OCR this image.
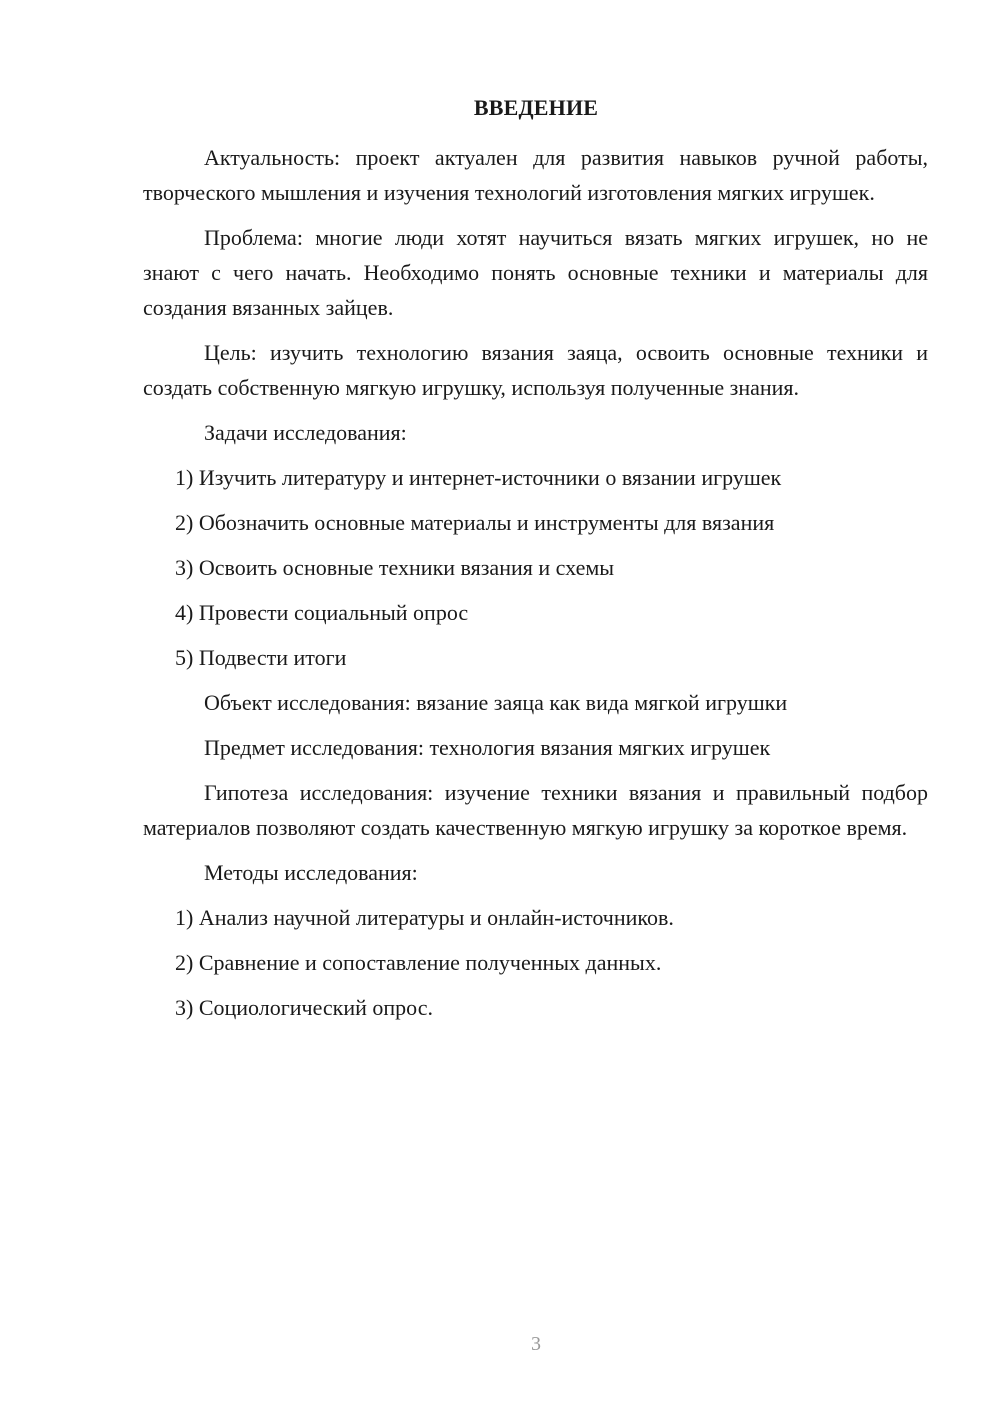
ВВЕДЕНИЕ

Актуальность: проект актуален для развития навыков ручной работы, творческого мышления и изучения технологий изготовления мягких игрушек.

Проблема: многие люди хотят научиться вязать мягких игрушек, но не знают с чего начать. Необходимо понять основные техники и материалы для создания вязанных зайцев.

Цель: изучить технологию вязания заяца, освоить основные техники и создать собственную мягкую игрушку, используя полученные знания.

Задачи исследования:

1) Изучить литературу и интернет-источники о вязании игрушек

2) Обозначить основные материалы и инструменты для вязания

3) Освоить основные техники вязания и схемы

4) Провести социальный опрос

5) Подвести итоги

Объект исследования: вязание заяца как вида мягкой игрушки

Предмет исследования: технология вязания мягких игрушек

Гипотеза исследования: изучение техники вязания и правильный подбор материалов позволяют создать качественную мягкую игрушку за короткое время.

Методы исследования:

1) Анализ научной литературы и онлайн-источников.

2) Сравнение и сопоставление полученных данных.

3) Социологический опрос.

3
